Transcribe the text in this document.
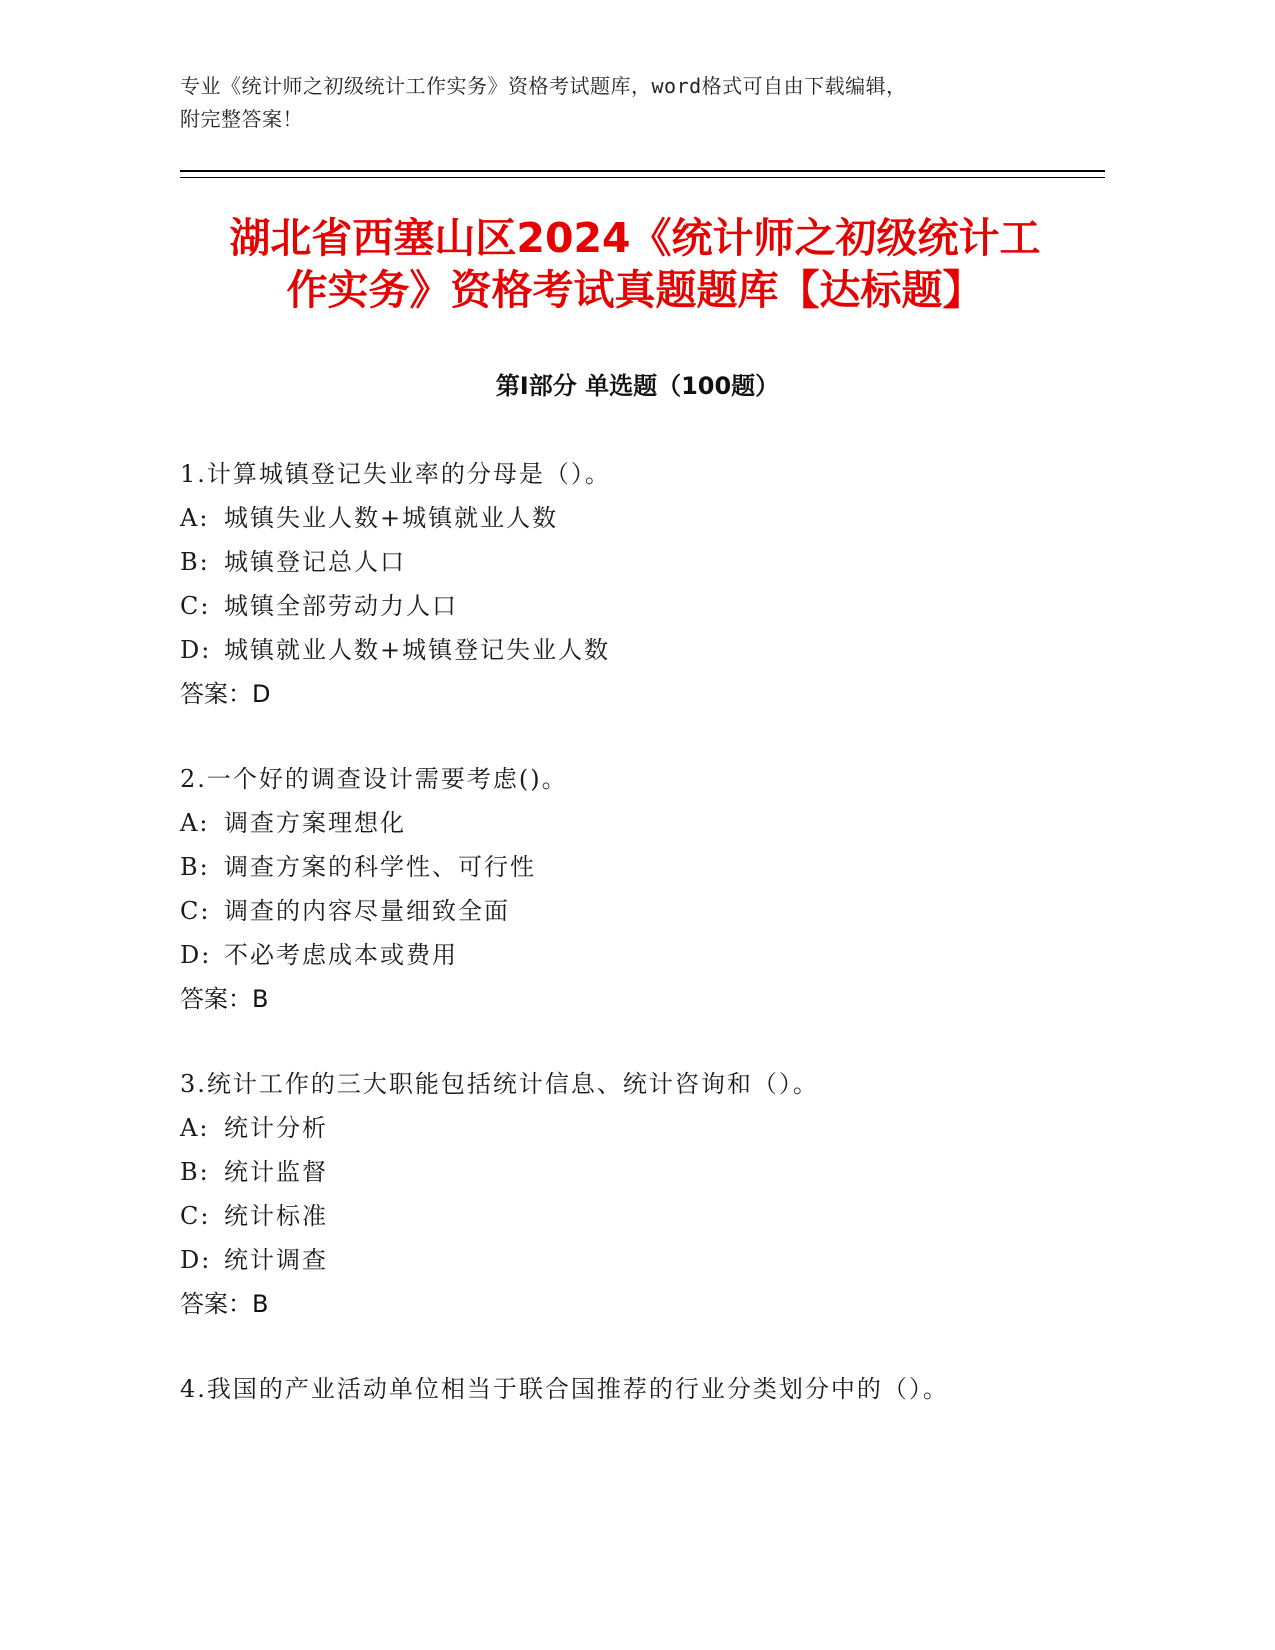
专业《统计师之初级统计工作实务》资格考试题库，word格式可自由下载编辑，
附完整答案！
湖北省西塞山区2024《统计师之初级统计工
作实务》资格考试真题题库【达标题】
第Ⅰ部分 单选题（100题）
1.计算城镇登记失业率的分母是（）。
A: 城镇失业人数+城镇就业人数
B: 城镇登记总人口
C: 城镇全部劳动力人口
D: 城镇就业人数+城镇登记失业人数
答案：D
2.一个好的调查设计需要考虑()。
A: 调查方案理想化
B: 调查方案的科学性、可行性
C: 调查的内容尽量细致全面
D: 不必考虑成本或费用
答案：B
3.统计工作的三大职能包括统计信息、统计咨询和（）。
A: 统计分析
B: 统计监督
C: 统计标准
D: 统计调查
答案：B
4.我国的产业活动单位相当于联合国推荐的行业分类划分中的（）。
